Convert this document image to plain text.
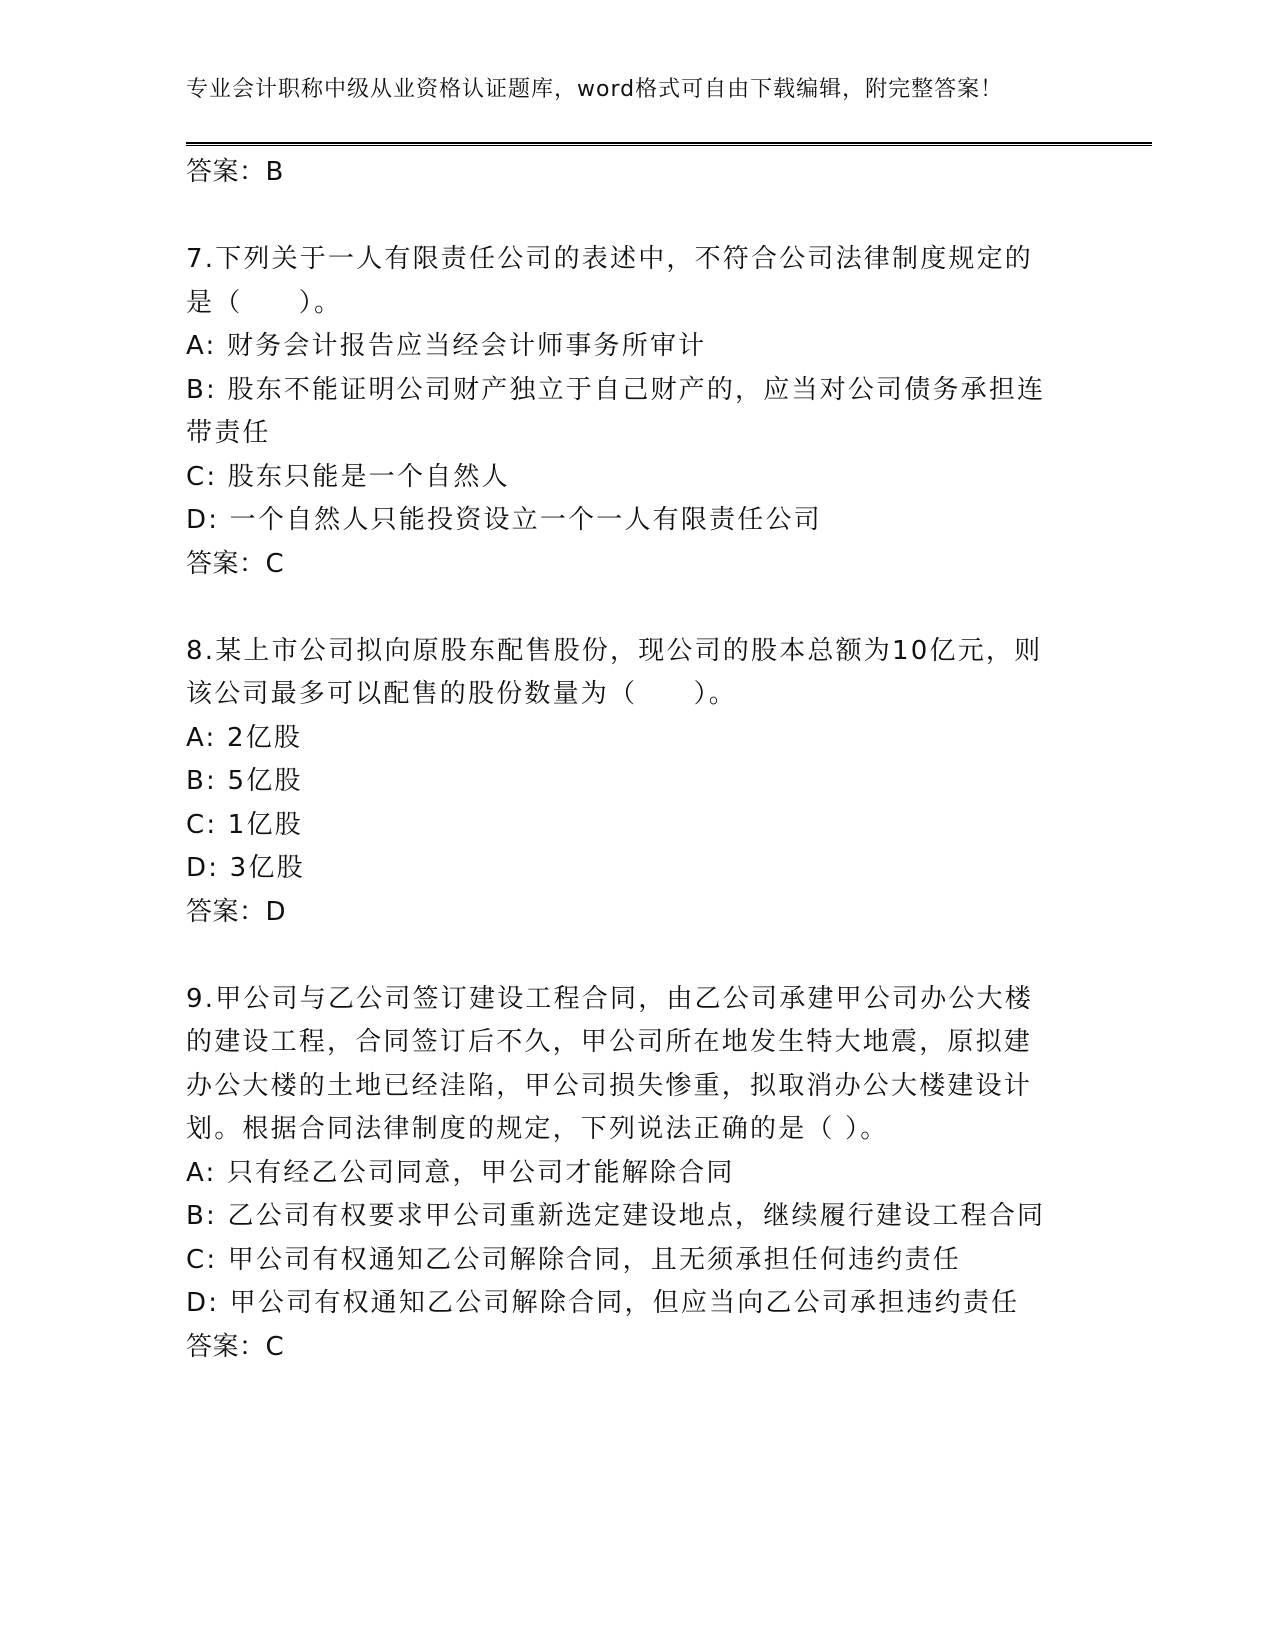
专业会计职称中级从业资格认证题库，word格式可自由下载编辑，附完整答案！
答案：B
7.下列关于一人有限责任公司的表述中，不符合公司法律制度规定的
是（　　）。
A: 财务会计报告应当经会计师事务所审计
B: 股东不能证明公司财产独立于自己财产的，应当对公司债务承担连
带责任
C: 股东只能是一个自然人
D: 一个自然人只能投资设立一个一人有限责任公司
答案：C
8.某上市公司拟向原股东配售股份，现公司的股本总额为10亿元，则
该公司最多可以配售的股份数量为（　　）。
A: 2亿股
B: 5亿股
C: 1亿股
D: 3亿股
答案：D
9.甲公司与乙公司签订建设工程合同，由乙公司承建甲公司办公大楼
的建设工程，合同签订后不久，甲公司所在地发生特大地震，原拟建
办公大楼的土地已经洼陷，甲公司损失惨重，拟取消办公大楼建设计
划。根据合同法律制度的规定，下列说法正确的是（ ）。
A: 只有经乙公司同意，甲公司才能解除合同
B: 乙公司有权要求甲公司重新选定建设地点，继续履行建设工程合同
C: 甲公司有权通知乙公司解除合同，且无须承担任何违约责任
D: 甲公司有权通知乙公司解除合同，但应当向乙公司承担违约责任
答案：C
